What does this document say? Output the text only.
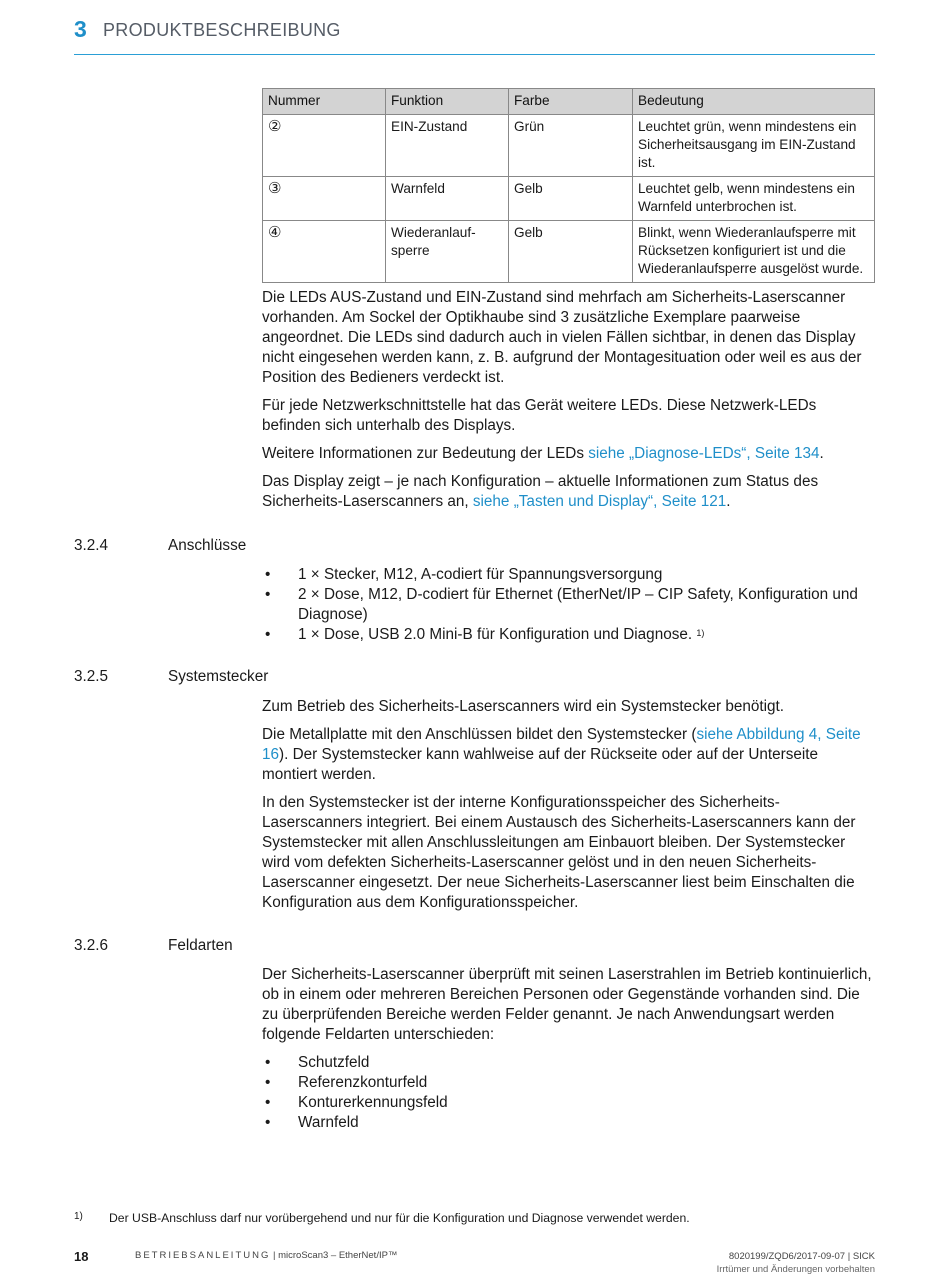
3 PRODUKTBESCHREIBUNG
Nummer	Funktion	Farbe	Bedeutung
②	EIN-Zustand	Grün	Leuchtet grün, wenn mindestens ein Sicherheitsausgang im EIN-Zustand ist.
③	Warnfeld	Gelb	Leuchtet gelb, wenn mindestens ein Warnfeld unterbrochen ist.
④	Wiederanlauf-sperre	Gelb	Blinkt, wenn Wiederanlaufsperre mit Rücksetzen konfiguriert ist und die Wiederanlaufsperre ausgelöst wurde.

Die LEDs AUS-Zustand und EIN-Zustand sind mehrfach am Sicherheits-Laserscanner vorhanden. Am Sockel der Optikhaube sind 3 zusätzliche Exemplare paarweise angeordnet. Die LEDs sind dadurch auch in vielen Fällen sichtbar, in denen das Display nicht eingesehen werden kann, z. B. aufgrund der Montagesituation oder weil es aus der Position des Bedieners verdeckt ist.

Für jede Netzwerkschnittstelle hat das Gerät weitere LEDs. Diese Netzwerk-LEDs befinden sich unterhalb des Displays.

Weitere Informationen zur Bedeutung der LEDs siehe „Diagnose-LEDs“, Seite 134.

Das Display zeigt – je nach Konfiguration – aktuelle Informationen zum Status des Sicherheits-Laserscanners an, siehe „Tasten und Display“, Seite 121.

3.2.4	Anschlüsse
• 1 × Stecker, M12, A-codiert für Spannungsversorgung
• 2 × Dose, M12, D-codiert für Ethernet (EtherNet/IP – CIP Safety, Konfiguration und Diagnose)
• 1 × Dose, USB 2.0 Mini-B für Konfiguration und Diagnose. $^{1)}$
3.2.5	Systemstecker

Zum Betrieb des Sicherheits-Laserscanners wird ein Systemstecker benötigt.

Die Metallplatte mit den Anschlüssen bildet den Systemstecker (siehe Abbildung 4, Seite 16). Der Systemstecker kann wahlweise auf der Rückseite oder auf der Unterseite montiert werden.

In den Systemstecker ist der interne Konfigurationsspeicher des Sicherheits-Laserscanners integriert. Bei einem Austausch des Sicherheits-Laserscanners kann der Systemstecker mit allen Anschlussleitungen am Einbauort bleiben. Der Systemstecker wird vom defekten Sicherheits-Laserscanner gelöst und in den neuen Sicherheits-Laserscanner eingesetzt. Der neue Sicherheits-Laserscanner liest beim Einschalten die Konfiguration aus dem Konfigurationsspeicher.

3.2.6	Feldarten

Der Sicherheits-Laserscanner überprüft mit seinen Laserstrahlen im Betrieb kontinuierlich, ob in einem oder mehreren Bereichen Personen oder Gegenstände vorhanden sind. Die zu überprüfenden Bereiche werden Felder genannt. Je nach Anwendungsart werden folgende Feldarten unterschieden:

• Schutzfeld
• Referenzkonturfeld
• Konturerkennungsfeld
• Warnfeld
1) Der USB-Anschluss darf nur vorübergehend und nur für die Konfiguration und Diagnose verwendet werden.
18	BETRIEBSANLEITUNG | microScan3 – EtherNet/IP™	8020199/ZQD6/2017-09-07 | SICK
Irrtümer und Änderungen vorbehalten
